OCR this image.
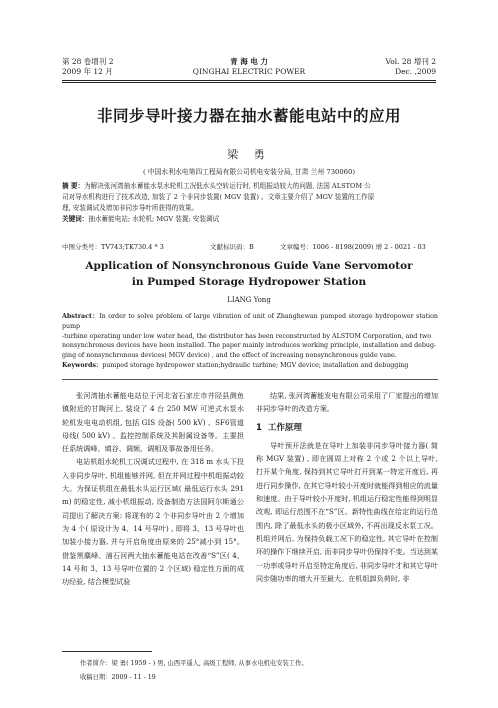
第 28 卷增刊 2
2009 年 12 月
青 海 电 力
QINGHAI ELECTRIC POWER
Vol. 28 增刊 2
Dec. ,2009
非同步导叶接力器在抽水蓄能电站中的应用
梁 勇
( 中国水利水电第四工程局有限公司机电安装分局, 甘肃 兰州 730060)
摘 要：为解决张河湾抽水蓄能水泵水轮机工况低水头空转运行时, 机组振动较大的问题, 法国 ALSTOM 公
司对导水机构进行了技术改造, 加装了 2 个非同步装置( MGV 装置) 。文章主要介绍了 MGV 装置的工作原
理, 安装调试及增加非同步导叶所获得的效果。
关键词：抽水蓄能电站; 水轮机; MGV 装置; 安装调试
中图分类号：TV743;TK730.4 * 3	文献标识码：B	文章编号：1006 - 8198(2009) 增 2 - 0021 - 03
Application of Nonsynchronous Guide Vane Servomotor
in Pumped Storage Hydropower Station
LIANG Yong
Abstract：In order to solve problem of large vibration of unit of Zhanghewan pumped storage hydropower station pump
-turbine operating under low water head, the distributor has been reconstructed by ALSTOM Corporation, and two
nonsynchronous devices have been installed. The paper mainly introduces working principle, installation and debug-
ging of nonsynchronous devices( MGV device) , and the effect of increasing nonsynchronous guide vane.
Keywords：pumped storage hydropower station;hydraulic turbine; MGV device; installation and debugging

张河湾抽水蓄能电站位于河北省石家庄市井陉县测鱼镇附近的甘陶河上, 装设了 4 台 250 MW 可逆式水泵水轮机发电电动机组, 包括 GIS 设备( 500 kV) 、SF6管道母线( 500 kV) 、监控控制系统及其附属设备等。主要担任系统调峰、填谷、调频、调相及事故备用任务。

电站机组水轮机工况调试过程中, 在 318 m 水头下投入非同步导叶, 机组能够并网, 但在并网过程中机组振动较大。为保证机组在最低水头运行区域( 最低运行水头 291 m) 的稳定性, 减小机组振动, 设备制造方法国阿尔斯通公司提出了解决方案: 将现有的 2 个非同步导叶由 2 个增加为 4 个( 原设计为 4、14 号导叶) , 即将 3、13 号导叶也加装小接力器, 并与开启角度由原来的 25°减小到 15°。借鉴黑麋峰、浦石河两大抽水蓄能电站在改善“S”区( 4、14 号和 3、13 号导叶位置的 2 个区域) 稳定性方面的成功经验, 结合模型试验

结果, 张河湾蓄能发电有限公司采用了厂家提出的增加非同步导叶的改造方案。

1 工作原理

导叶预开法就是在导叶上加装非同步导叶接力器( 简称 MGV 装置) , 即在圆周上对称 2 个或 2 个以上导叶, 打开某个角度, 保持到其它导叶打开到某一特定开度后, 再进行同步操作, 在其它导叶较小开度时就能得到相应的流量和速度。由于导叶较小开度时, 机组运行稳定性能得到明显改观, 即运行范围不在“S”区。新特性曲线在给定的运行范围内, 除了最低水头的极小区域外, 不再出现反水泵工况。机组并网后, 为保持负载工况下的稳定性, 其它导叶在控制环的操作下继续开启, 而非同步导叶仍保持不变。当达到某一功率或导叶开启至特定角度后, 非同步导叶才和其它导叶同步随功率的增大开至最大。在机组卸负荷时, 非

作者简介：梁 勇( 1959 - ) 男, 山西平遥人, 高级工程师, 从事水电机电安装工作。
收稿日期：2009 - 11 - 19
